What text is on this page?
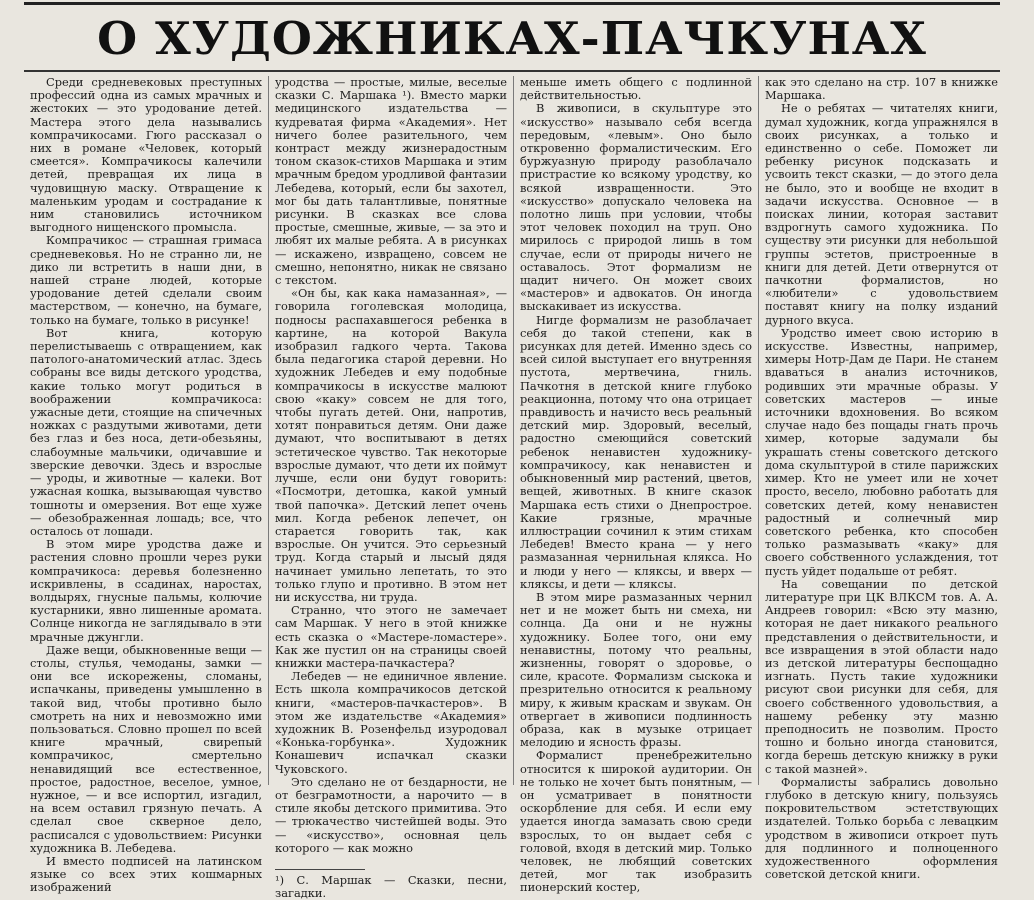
О ХУДОЖНИКАХ-ПАЧКУНАХ

Среди средневековых преступных профессий одна из самых мрачных и жестоких — это уродование детей. Мастера этого дела назывались компрачикосами. Гюго рассказал о них в романе «Человек, который смеется». Компрачикосы калечили детей, превращая их лица в чудовищную маску. Отвращение к маленьким уродам и сострадание к ним становились источником выгодного нищенского промысла.

Компрачикос — страшная гримаса средневековья. Но не странно ли, не дико ли встретить в наши дни, в нашей стране людей, которые уродование детей сделали своим мастерством, — конечно, на бумаге, только на бумаге, только в рисунке!

Вот книга, которую перелистываешь с отвращением, как патолого-анатомический атлас. Здесь собраны все виды детского уродства, какие только могут родиться в воображении компрачикоса: ужасные дети, стоящие на спичечных ножках с раздутыми животами, дети без глаз и без носа, дети-обезьяны, слабоумные мальчики, одичавшие и зверские девочки. Здесь и взрослые — уроды, и животные — калеки. Вот ужасная кошка, вызывающая чувство тошноты и омерзения. Вот еще хуже — обезображенная лошадь; все, что осталось от лошади.

В этом мире уродства даже и растения словно прошли через руки компрачикоса: деревья болезненно искривлены, в ссадинах, наростах, волдырях, гнусные пальмы, колючие кустарники, явно лишенные аромата. Солнце никогда не заглядывало в эти мрачные джунгли.

Даже вещи, обыкновенные вещи — столы, стулья, чемоданы, замки — они все искорежены, сломаны, испачканы, приведены умышленно в такой вид, чтобы противно было смотреть на них и невозможно ими пользоваться. Словно прошел по всей книге мрачный, свирепый компрачикос, смертельно ненавидящий все естественное, простое, радостное, веселое, умное, нужное, — и все испортил, изгадил, на всем оставил грязную печать. А сделал свое скверное дело, расписался с удовольствием: Рисунки художника В. Лебедева.

И вместо подписей на латинском языке со всех этих кошмарных изображений

уродства — простые, милые, веселые сказки С. Маршака ¹). Вместо марки медицинского издательства — кудреватая фирма «Академия». Нет ничего более разительного, чем контраст между жизнерадостным тоном сказок-стихов Маршака и этим мрачным бредом уродливой фантазии Лебедева, который, если бы захотел, мог бы дать талантливые, понятные рисунки. В сказках все слова простые, смешные, живые, — за это и любят их малые ребята. А в рисунках — искажено, извращено, совсем не смешно, непонятно, никак не связано с текстом.

«Он бы, как кака намазанная», — говорила гоголевская молодица, подносы распахавшегося ребенка в картине, на которой Вакула изобразил гадкого черта. Такова была педагогика старой деревни. Но художник Лебедев и ему подобные компрачикосы в искусстве малюют свою «каку» совсем не для того, чтобы пугать детей. Они, напротив, хотят понравиться детям. Они даже думают, что воспитывают в детях эстетическое чувство. Так некоторые взрослые думают, что дети их поймут лучше, если они будут говорить: «Посмотри, детошка, какой умный твой папочка». Детский лепет очень мил. Когда ребенок лепечет, он старается говорить так, как взрослые. Он учится. Это серьезный труд. Когда старый и лысый дядя начинает умильно лепетать, то это только глупо и противно. В этом нет ни искусства, ни труда.

Странно, что этого не замечает сам Маршак. У него в этой книжке есть сказка о «Мастере-ломастере». Как же пустил он на страницы своей книжки мастера-пачкастера?

Лебедев — не единичное явление. Есть школа компрачикосов детской книги, «мастеров-пачкастеров». В этом же издательстве «Академия» художник В. Розенфельд изуродовал «Конька-горбунка». Художник Конашевич испачкал сказки Чуковского.

Это сделано не от бездарности, не от безграмотности, а нарочито — в стиле якобы детского примитива. Это — трюкачество чистейшей воды. Это — «искусство», основная цель которого — как можно

¹) С. Маршак — Сказки, песни, загадки.

меньше иметь общего с подлинной действительностью.

В живописи, в скульптуре это «искусство» называло себя всегда передовым, «левым». Оно было откровенно формалистическим. Его буржуазную природу разоблачало пристрастие ко всякому уродству, ко всякой извращенности. Это «искусство» допускало человека на полотно лишь при условии, чтобы этот человек походил на труп. Оно мирилось с природой лишь в том случае, если от природы ничего не оставалось. Этот формализм не щадит ничего. Он может своих «мастеров» и адвокатов. Он иногда выскакивает из искусства.

Нигде формализм не разоблачает себя до такой степени, как в рисунках для детей. Именно здесь со всей силой выступает его внутренняя пустота, мертвечина, гниль. Пачкотня в детской книге глубоко реакционна, потому что она отрицает правдивость и начисто весь реальный детский мир. Здоровый, веселый, радостно смеющийся советский ребенок ненавистен художнику-компрачикосу, как ненавистен и обыкновенный мир растений, цветов, вещей, животных. В книге сказок Маршака есть стихи о Днепрострое. Какие грязные, мрачные иллюстрации сочинил к этим стихам Лебедев! Вместо крана — у него размазанная чернильная клякса. Но и люди у него — кляксы, и вверх — кляксы, и дети — кляксы.

В этом мире размазанных чернил нет и не может быть ни смеха, ни солнца. Да они и не нужны художнику. Более того, они ему ненавистны, потому что реальны, жизненны, говорят о здоровье, о силе, красоте. Формализм сыскока и презрительно относится к реальному миру, к живым краскам и звукам. Он отвергает в живописи подлинность образа, как в музыке отрицает мелодию и ясность фразы.

Формалист пренебрежительно относится к широкой аудитории. Он не только не хочет быть понятным, — он усматривает в понятности оскорбление для себя. И если ему удается иногда замазать свою среди взрослых, то он выдает себя с головой, входя в детский мир. Только человек, не любящий советских детей, мог так изобразить пионерский костер,

как это сделано на стр. 107 в книжке Маршака.

Не о ребятах — читателях книги, думал художник, когда упражнялся в своих рисунках, а только и единственно о себе. Поможет ли ребенку рисунок подсказать и усвоить текст сказки, — до этого дела не было, это и вообще не входит в задачи искусства. Основное — в поисках линии, которая заставит вздрогнуть самого художника. По существу эти рисунки для небольшой группы эстетов, пристроенные в книги для детей. Дети отвернутся от пачкотни формалистов, но «любители» с удовольствием поставят книгу на полку изданий дурного вкуса.

Уродство имеет свою историю в искусстве. Известны, например, химеры Нотр-Дам де Пари. Не станем вдаваться в анализ источников, родивших эти мрачные образы. У советских мастеров — иные источники вдохновения. Во всяком случае надо без пощады гнать прочь химер, которые задумали бы украшать стены советского детского дома скульптурой в стиле парижских химер. Кто не умеет или не хочет просто, весело, любовно работать для советских детей, кому ненавистен радостный и солнечный мир советского ребенка, кто способен только размазывать «каку» для своего собственного услаждения, тот пусть уйдет подальше от ребят.

На совещании по детской литературе при ЦК ВЛКСМ тов. А. А. Андреев говорил: «Всю эту мазню, которая не дает никакого реального представления о действительности, и все извращения в этой области надо из детской литературы беспощадно изгнать. Пусть такие художники рисуют свои рисунки для себя, для своего собственного удовольствия, а нашему ребенку эту мазню преподносить не позволим. Просто тошно и больно иногда становится, когда берешь детскую книжку в руки с такой мазней».

Формалисты забрались довольно глубоко в детскую книгу, пользуясь покровительством эстетствующих издателей. Только борьба с левацким уродством в живописи откроет путь для подлинного и полноценного художественного оформления советской детской книги.
